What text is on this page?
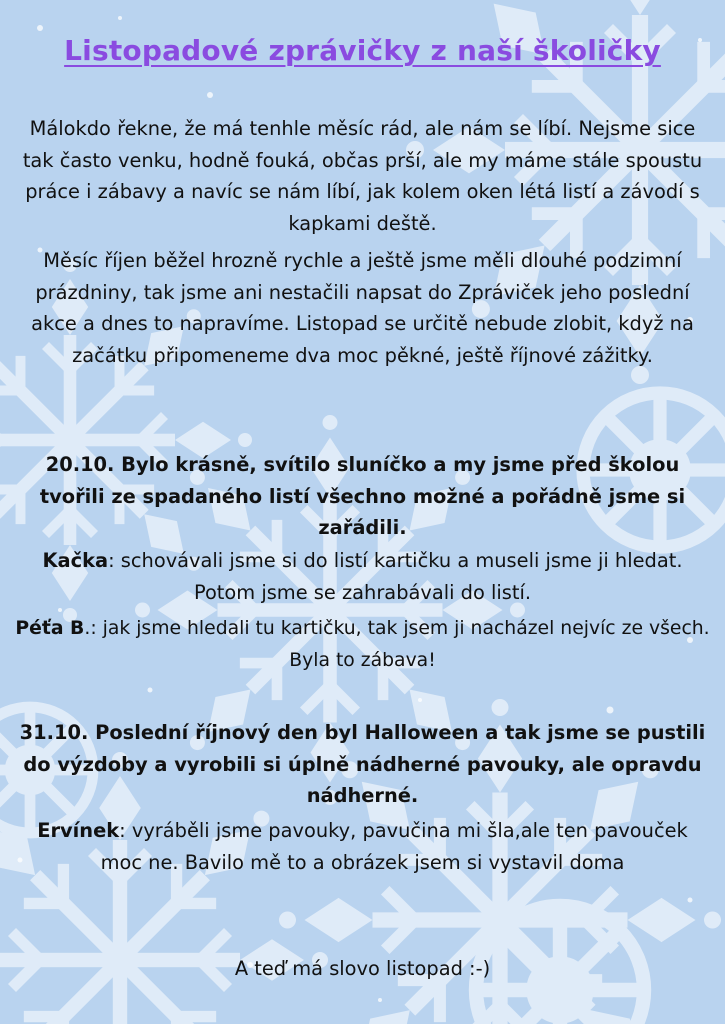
Listopadové zprávičky z naší školičky
Málokdo řekne, že má tenhle měsíc rád, ale nám se líbí. Nejsme sice tak často venku, hodně fouká, občas prší, ale my máme stále spoustu práce i zábavy a navíc se nám líbí, jak kolem oken létá listí a závodí s kapkami deště.
Měsíc říjen běžel hrozně rychle a ještě jsme měli dlouhé podzimní prázdniny, tak jsme ani nestačili napsat do Zpráviček jeho poslední akce a dnes to napravíme. Listopad se určitě nebude zlobit, když na začátku připomeneme dva moc pěkné, ještě říjnové zážitky.
20.10. Bylo krásně, svítilo sluníčko a my jsme před školou tvořili ze spadaného listí všechno možné a pořádně jsme si zařádili.
Kačka: schovávali jsme si do listí kartičku a museli jsme ji hledat. Potom jsme se zahrabávali do listí.
Péťa B.: jak jsme hledali tu kartičku, tak jsem ji nacházel nejvíc ze všech. Byla to zábava!
31.10. Poslední říjnový den byl Halloween a tak jsme se pustili do výzdoby a vyrobili si úplně nádherné pavouky, ale opravdu nádherné.
Ervínek: vyráběli jsme pavouky, pavučina mi šla,ale ten pavouček moc ne. Bavilo mě to a obrázek jsem si vystavil doma
A teď má slovo listopad :-)
